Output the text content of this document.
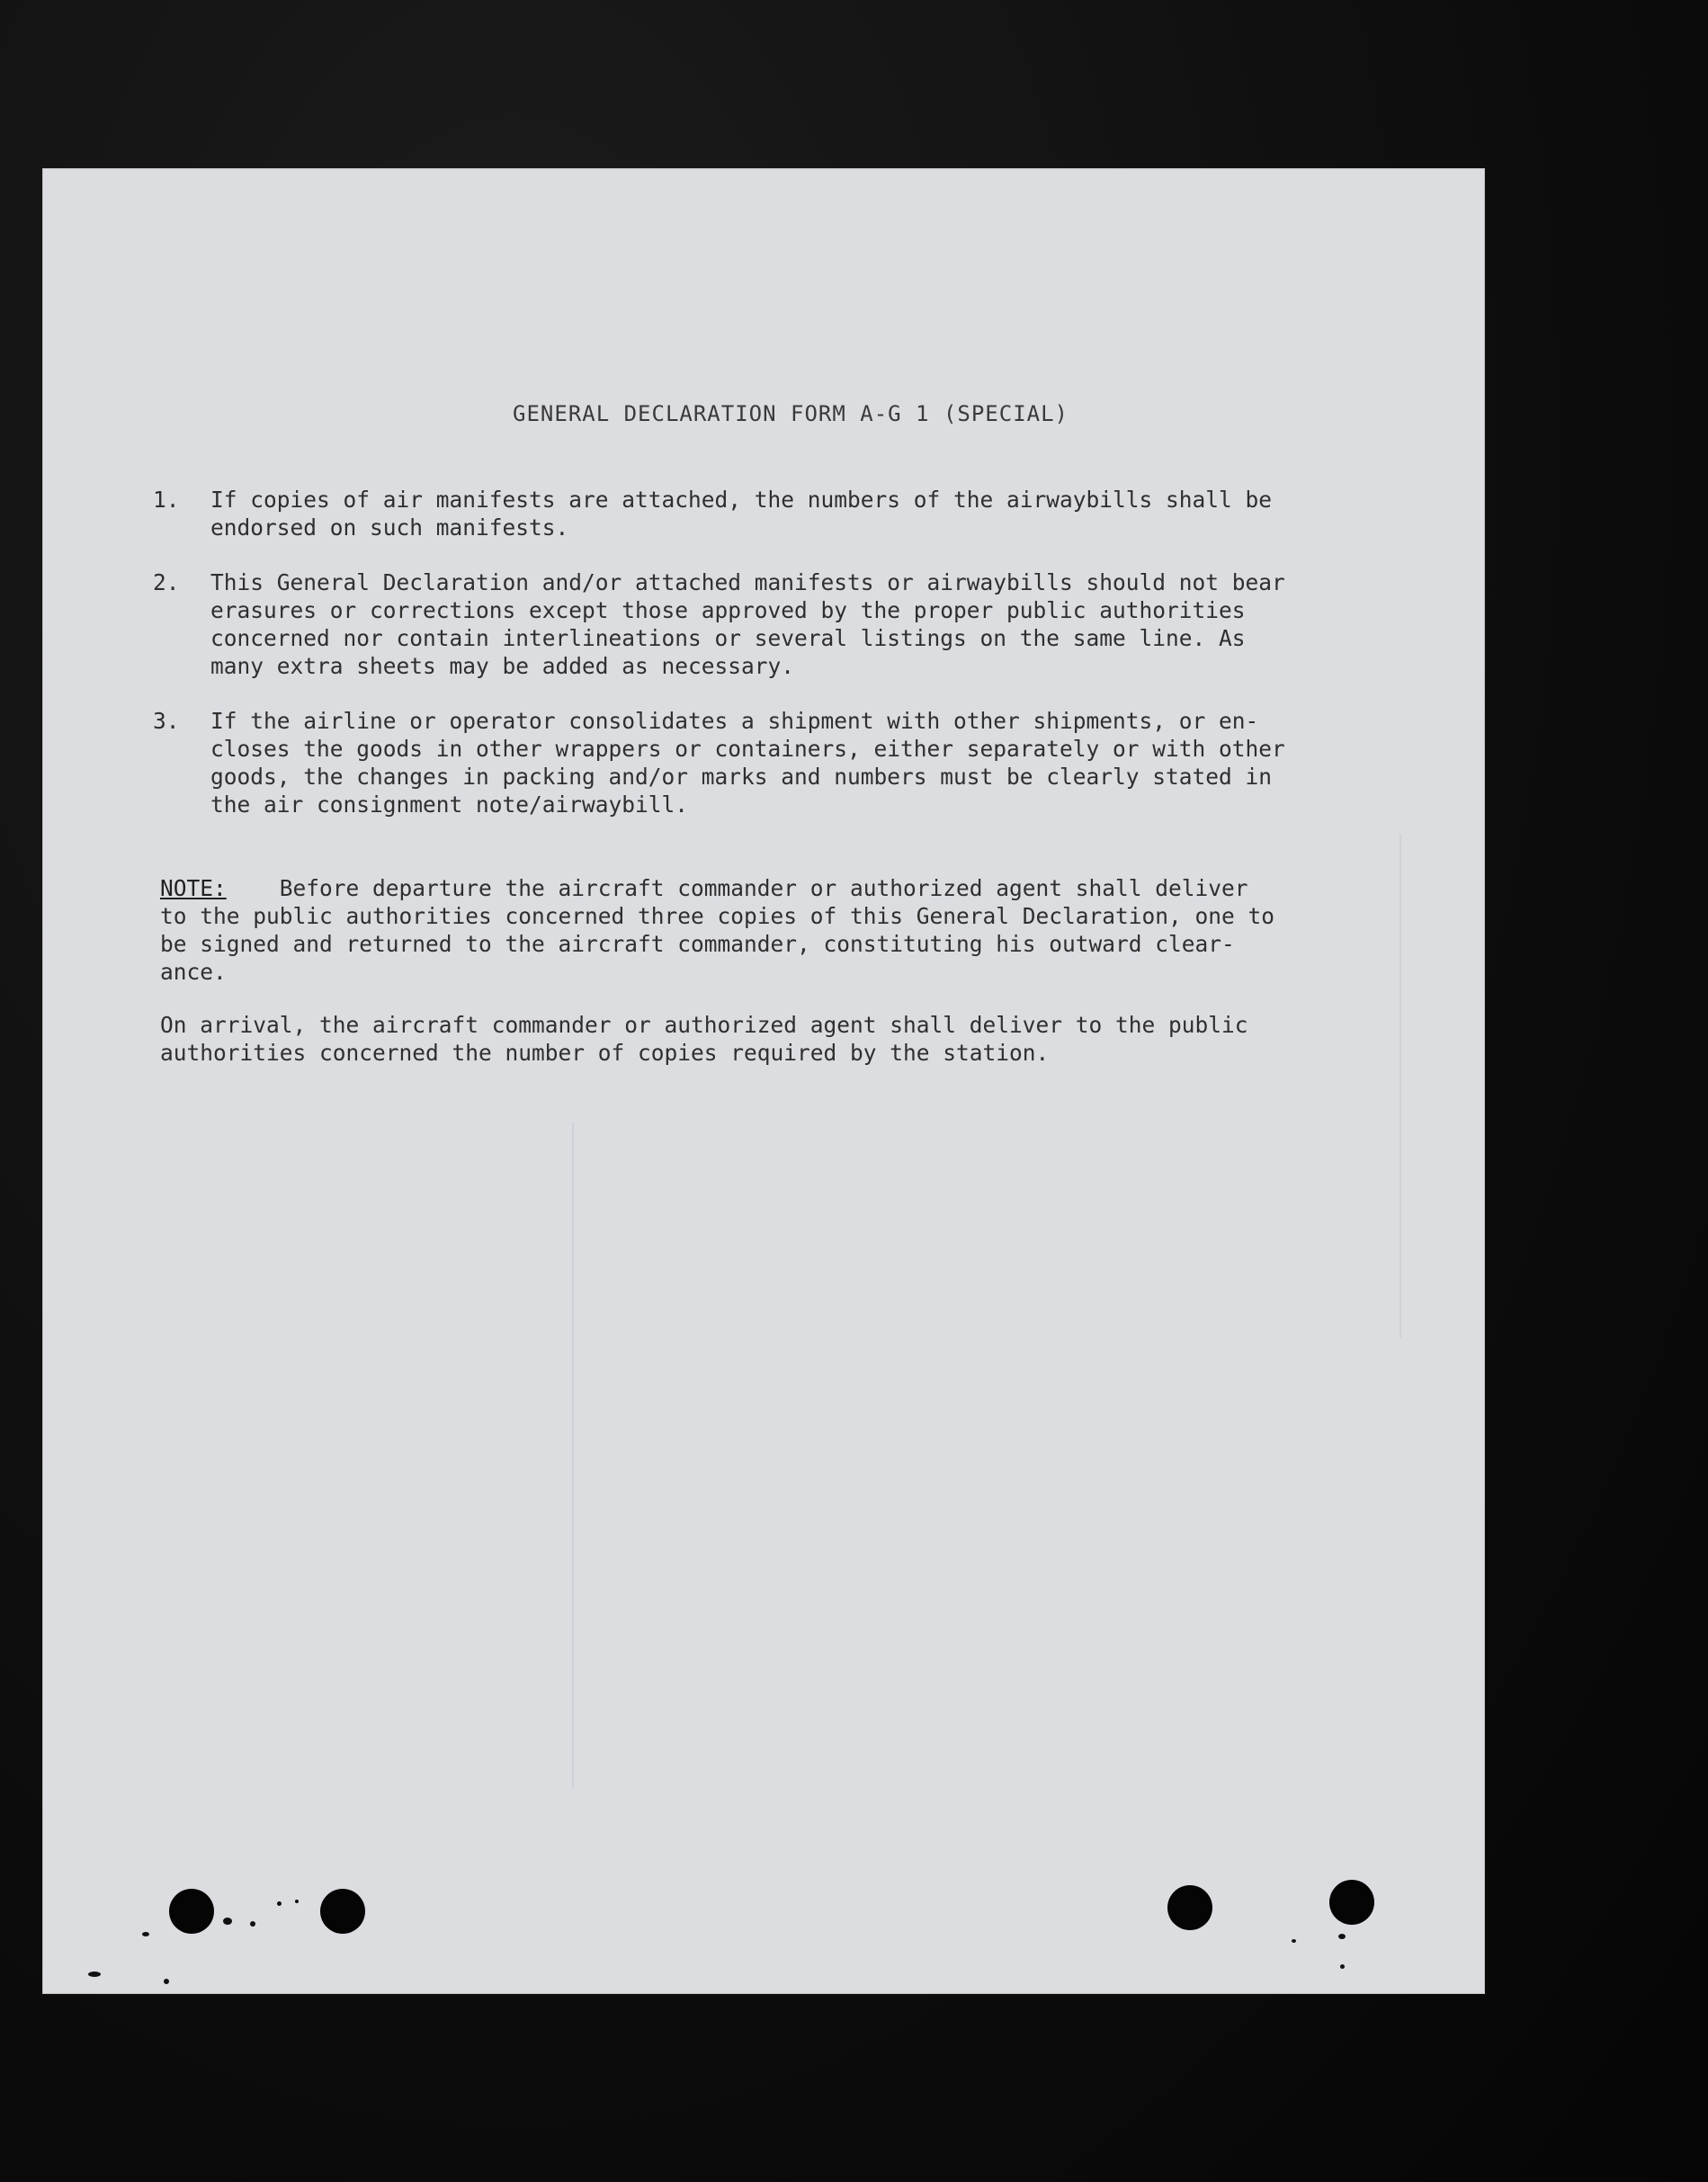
GENERAL DECLARATION FORM A-G 1 (SPECIAL)
1.	If copies of air manifests are attached, the numbers of the airwaybills shall be
endorsed on such manifests.
2.	This General Declaration and/or attached manifests or airwaybills should not bear
erasures or corrections except those approved by the proper public authorities
concerned nor contain interlineations or several listings on the same line. As
many extra sheets may be added as necessary.
3.	If the airline or operator consolidates a shipment with other shipments, or en-
closes the goods in other wrappers or containers, either separately or with other
goods, the changes in packing and/or marks and numbers must be clearly stated in
the air consignment note/airwaybill.
NOTE: Before departure the aircraft commander or authorized agent shall deliver
to the public authorities concerned three copies of this General Declaration, one to
be signed and returned to the aircraft commander, constituting his outward clear-
ance.
On arrival, the aircraft commander or authorized agent shall deliver to the public
authorities concerned the number of copies required by the station.
